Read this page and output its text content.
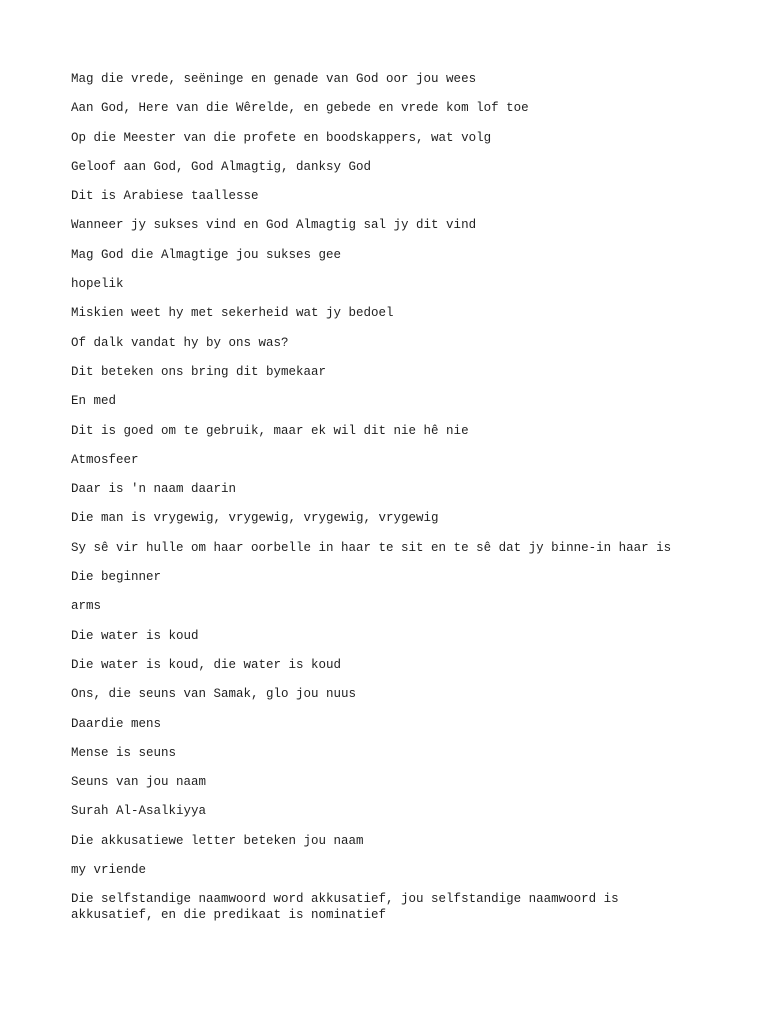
Mag die vrede, seëninge en genade van God oor jou wees
Aan God, Here van die Wêrelde, en gebede en vrede kom lof toe
Op die Meester van die profete en boodskappers, wat volg
Geloof aan God, God Almagtig, danksy God
Dit is Arabiese taallesse
Wanneer jy sukses vind en God Almagtig sal jy dit vind
Mag God die Almagtige jou sukses gee
hopelik
Miskien weet hy met sekerheid wat jy bedoel
Of dalk vandat hy by ons was?
Dit beteken ons bring dit bymekaar
En med
Dit is goed om te gebruik, maar ek wil dit nie hê nie
Atmosfeer
Daar is 'n naam daarin
Die man is vrygewig, vrygewig, vrygewig, vrygewig
Sy sê vir hulle om haar oorbelle in haar te sit en te sê dat jy binne-in haar is
Die beginner
arms
Die water is koud
Die water is koud, die water is koud
Ons, die seuns van Samak, glo jou nuus
Daardie mens
Mense is seuns
Seuns van jou naam
Surah Al-Asalkiyya
Die akkusatiewe letter beteken jou naam
my vriende
Die selfstandige naamwoord word akkusatief, jou selfstandige naamwoord is akkusatief, en die predikaat is nominatief
